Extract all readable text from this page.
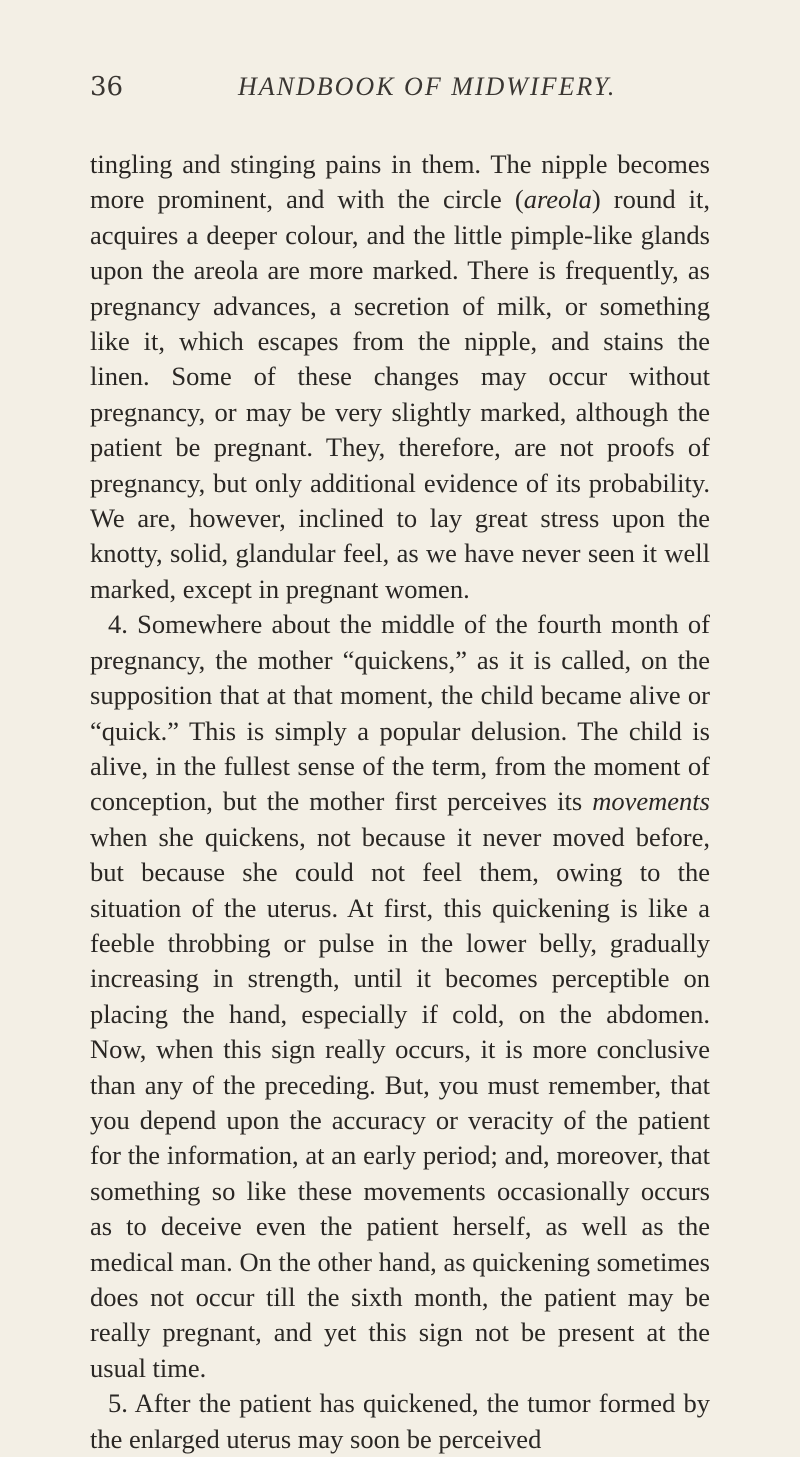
36	HANDBOOK OF MIDWIFERY.

tingling and stinging pains in them. The nipple becomes more prominent, and with the circle (areola) round it, acquires a deeper colour, and the little pimple-like glands upon the areola are more marked. There is frequently, as pregnancy advances, a secretion of milk, or something like it, which escapes from the nipple, and stains the linen. Some of these changes may occur without pregnancy, or may be very slightly marked, although the patient be pregnant. They, therefore, are not proofs of pregnancy, but only additional evidence of its probability. We are, however, inclined to lay great stress upon the knotty, solid, glandular feel, as we have never seen it well marked, except in pregnant women.

4. Somewhere about the middle of the fourth month of pregnancy, the mother “quickens,” as it is called, on the supposition that at that moment, the child became alive or “quick.” This is simply a popular delusion. The child is alive, in the fullest sense of the term, from the moment of conception, but the mother first perceives its movements when she quickens, not because it never moved before, but because she could not feel them, owing to the situation of the uterus. At first, this quickening is like a feeble throbbing or pulse in the lower belly, gradually increasing in strength, until it becomes perceptible on placing the hand, especially if cold, on the abdomen. Now, when this sign really occurs, it is more conclusive than any of the preceding. But, you must remember, that you depend upon the accuracy or veracity of the patient for the information, at an early period; and, moreover, that something so like these movements occasionally occurs as to deceive even the patient herself, as well as the medical man. On the other hand, as quickening sometimes does not occur till the sixth month, the patient may be really pregnant, and yet this sign not be present at the usual time.

5. After the patient has quickened, the tumor formed by the enlarged uterus may soon be perceived
